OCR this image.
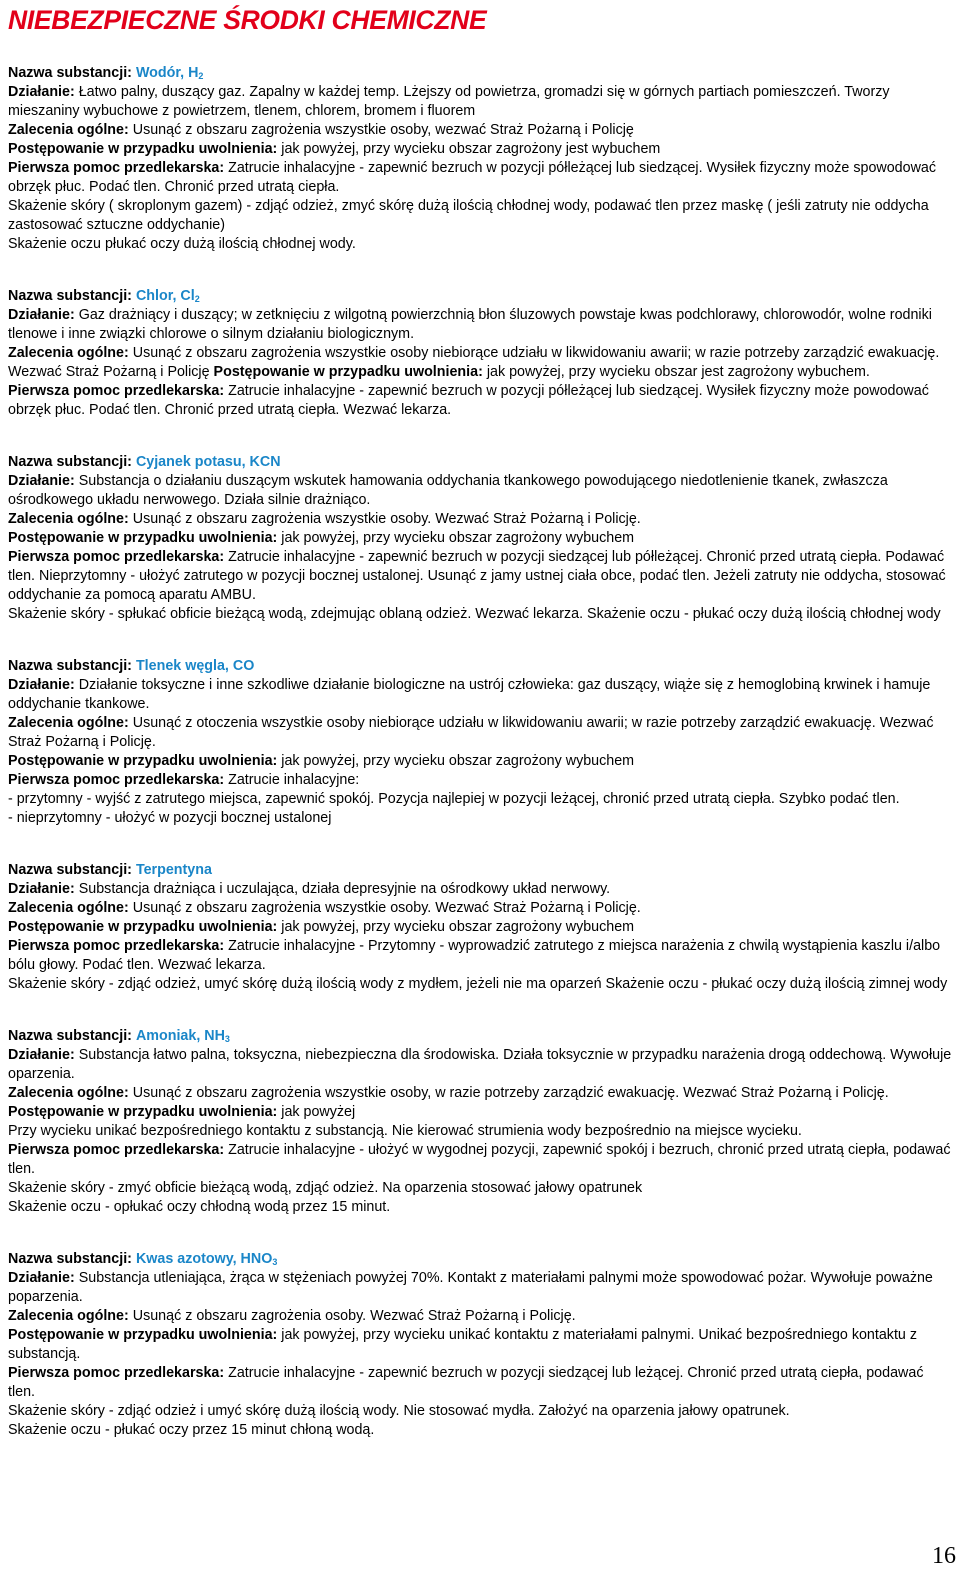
NIEBEZPIECZNE ŚRODKI CHEMICZNE

Nazwa substancji: Wodór, $H_2$

Działanie: Łatwo palny, duszący gaz. Zapalny w każdej temp. Lżejszy od powietrza, gromadzi się w górnych partiach pomieszczeń. Tworzy mieszaniny wybuchowe z powietrzem, tlenem, chlorem, bromem i fluorem

Zalecenia ogólne: Usunąć z obszaru zagrożenia wszystkie osoby, wezwać Straż Pożarną i Policję

Postępowanie w przypadku uwolnienia: jak powyżej, przy wycieku obszar zagrożony jest wybuchem

Pierwsza pomoc przedlekarska: Zatrucie inhalacyjne - zapewnić bezruch w pozycji półleżącej lub siedzącej. Wysiłek fizyczny może spowodować obrzęk płuc. Podać tlen. Chronić przed utratą ciepła.

Skażenie skóry ( skroplonym gazem) - zdjąć odzież, zmyć skórę dużą ilością chłodnej wody, podawać tlen przez maskę ( jeśli zatruty nie oddycha zastosować sztuczne oddychanie)

Skażenie oczu płukać oczy dużą ilością chłodnej wody.

Nazwa substancji: Chlor, $Cl_2$

Działanie: Gaz drażniący i duszący; w zetknięciu z wilgotną powierzchnią błon śluzowych powstaje kwas podchlorawy, chlorowodór, wolne rodniki tlenowe i inne związki chlorowe o silnym działaniu biologicznym.

Zalecenia ogólne: Usunąć z obszaru zagrożenia wszystkie osoby niebiorące udziału w likwidowaniu awarii; w razie potrzeby zarządzić ewakuację. Wezwać Straż Pożarną i Policję Postępowanie w przypadku uwolnienia: jak powyżej, przy wycieku obszar jest zagrożony wybuchem.

Pierwsza pomoc przedlekarska: Zatrucie inhalacyjne - zapewnić bezruch w pozycji półleżącej lub siedzącej. Wysiłek fizyczny może powodować obrzęk płuc. Podać tlen. Chronić przed utratą ciepła. Wezwać lekarza.

Nazwa substancji: Cyjanek potasu, KCN

Działanie: Substancja o działaniu duszącym wskutek hamowania oddychania tkankowego powodującego niedotlenienie tkanek, zwłaszcza ośrodkowego układu nerwowego. Działa silnie drażniąco.

Zalecenia ogólne: Usunąć z obszaru zagrożenia wszystkie osoby. Wezwać Straż Pożarną i Policję.

Postępowanie w przypadku uwolnienia: jak powyżej, przy wycieku obszar zagrożony wybuchem

Pierwsza pomoc przedlekarska: Zatrucie inhalacyjne - zapewnić bezruch w pozycji siedzącej lub półleżącej. Chronić przed utratą ciepła. Podawać tlen. Nieprzytomny - ułożyć zatrutego w pozycji bocznej ustalonej. Usunąć z jamy ustnej ciała obce, podać tlen. Jeżeli zatruty nie oddycha, stosować oddychanie za pomocą aparatu AMBU.

Skażenie skóry - spłukać obficie bieżącą wodą, zdejmując oblaną odzież. Wezwać lekarza. Skażenie oczu - płukać oczy dużą ilością chłodnej wody

Nazwa substancji: Tlenek węgla, CO

Działanie: Działanie toksyczne i inne szkodliwe działanie biologiczne na ustrój człowieka: gaz duszący, wiąże się z hemoglobiną krwinek i hamuje oddychanie tkankowe.

Zalecenia ogólne: Usunąć z otoczenia wszystkie osoby niebiorące udziału w likwidowaniu awarii; w razie potrzeby zarządzić ewakuację. Wezwać Straż Pożarną i Policję.

Postępowanie w przypadku uwolnienia: jak powyżej, przy wycieku obszar zagrożony wybuchem

Pierwsza pomoc przedlekarska: Zatrucie inhalacyjne:

- przytomny - wyjść z zatrutego miejsca, zapewnić spokój. Pozycja najlepiej w pozycji leżącej, chronić przed utratą ciepła. Szybko podać tlen.

- nieprzytomny - ułożyć w pozycji bocznej ustalonej

Nazwa substancji: Terpentyna

Działanie: Substancja drażniąca i uczulająca, działa depresyjnie na ośrodkowy układ nerwowy.

Zalecenia ogólne: Usunąć z obszaru zagrożenia wszystkie osoby. Wezwać Straż Pożarną i Policję.

Postępowanie w przypadku uwolnienia: jak powyżej, przy wycieku obszar zagrożony wybuchem

Pierwsza pomoc przedlekarska: Zatrucie inhalacyjne - Przytomny - wyprowadzić zatrutego z miejsca narażenia z chwilą wystąpienia kaszlu i/albo bólu głowy. Podać tlen. Wezwać lekarza.

Skażenie skóry - zdjąć odzież, umyć skórę dużą ilością wody z mydłem, jeżeli nie ma oparzeń Skażenie oczu - płukać oczy dużą ilością zimnej wody

Nazwa substancji: Amoniak, $NH_3$

Działanie: Substancja łatwo palna, toksyczna, niebezpieczna dla środowiska. Działa toksycznie w przypadku narażenia drogą oddechową. Wywołuje oparzenia.

Zalecenia ogólne: Usunąć z obszaru zagrożenia wszystkie osoby, w razie potrzeby zarządzić ewakuację. Wezwać Straż Pożarną i Policję.

Postępowanie w przypadku uwolnienia: jak powyżej

Przy wycieku unikać bezpośredniego kontaktu z substancją. Nie kierować strumienia wody bezpośrednio na miejsce wycieku.

Pierwsza pomoc przedlekarska: Zatrucie inhalacyjne - ułożyć w wygodnej pozycji, zapewnić spokój i bezruch, chronić przed utratą ciepła, podawać tlen.

Skażenie skóry - zmyć obficie bieżącą wodą, zdjąć odzież. Na oparzenia stosować jałowy opatrunek

Skażenie oczu - opłukać oczy chłodną wodą przez 15 minut.

Nazwa substancji: Kwas azotowy, $HNO_3$

Działanie: Substancja utleniająca, żrąca w stężeniach powyżej 70%. Kontakt z materiałami palnymi może spowodować pożar. Wywołuje poważne poparzenia.

Zalecenia ogólne: Usunąć z obszaru zagrożenia osoby. Wezwać Straż Pożarną i Policję.

Postępowanie w przypadku uwolnienia: jak powyżej, przy wycieku unikać kontaktu z materiałami palnymi. Unikać bezpośredniego kontaktu z substancją.

Pierwsza pomoc przedlekarska: Zatrucie inhalacyjne - zapewnić bezruch w pozycji siedzącej lub leżącej. Chronić przed utratą ciepła, podawać tlen.

Skażenie skóry - zdjąć odzież i umyć skórę dużą ilością wody. Nie stosować mydła. Założyć na oparzenia jałowy opatrunek.

Skażenie oczu - płukać oczy przez 15 minut chłoną wodą.

16
